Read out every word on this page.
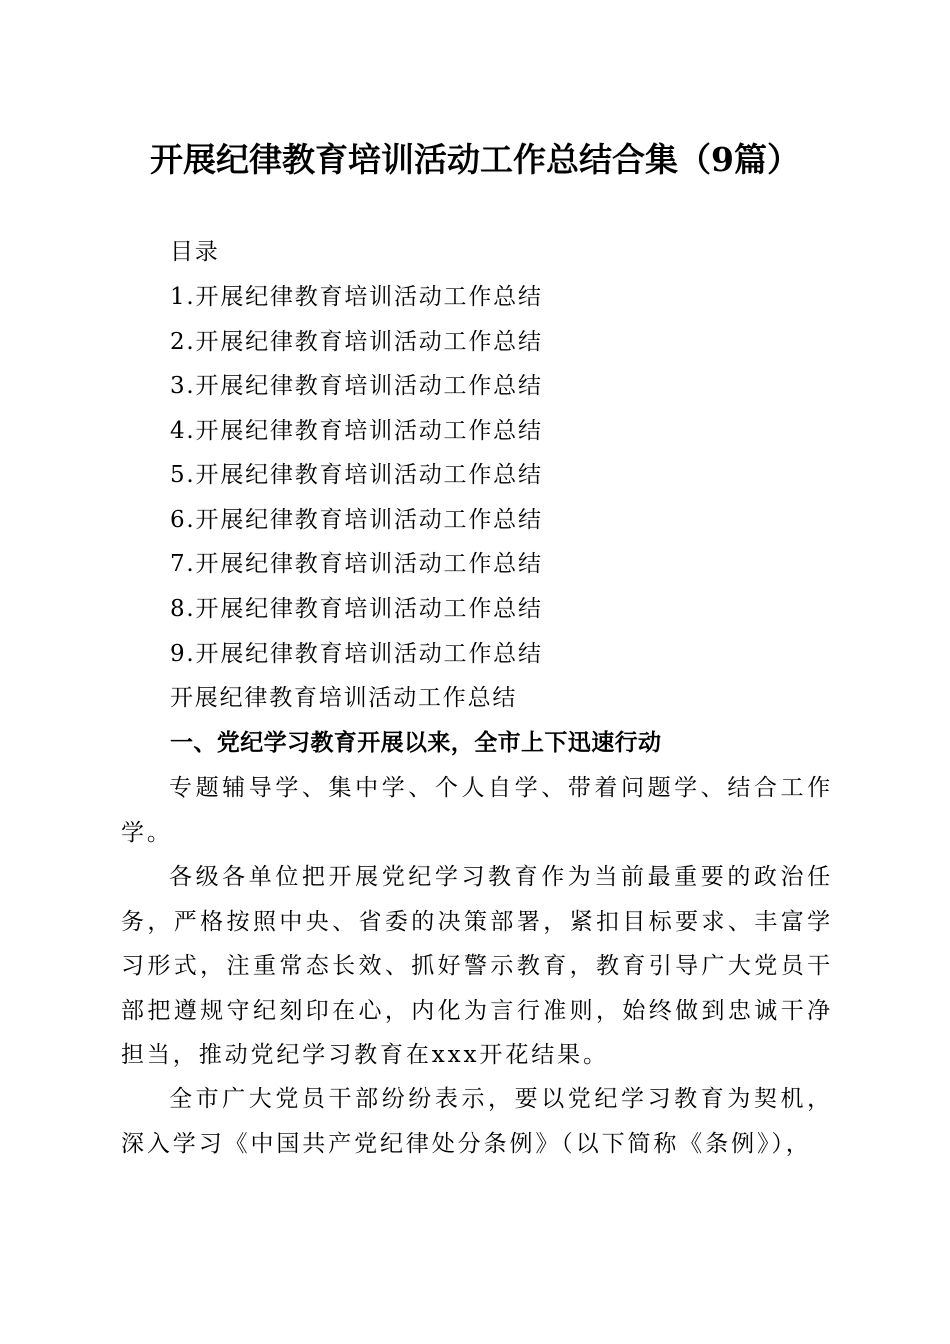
开展纪律教育培训活动工作总结合集（9篇）
目录
1.开展纪律教育培训活动工作总结
2.开展纪律教育培训活动工作总结
3.开展纪律教育培训活动工作总结
4.开展纪律教育培训活动工作总结
5.开展纪律教育培训活动工作总结
6.开展纪律教育培训活动工作总结
7.开展纪律教育培训活动工作总结
8.开展纪律教育培训活动工作总结
9.开展纪律教育培训活动工作总结
开展纪律教育培训活动工作总结
一、党纪学习教育开展以来，全市上下迅速行动

专题辅导学、集中学、个人自学、带着问题学、结合工作学。

各级各单位把开展党纪学习教育作为当前最重要的政治任务，严格按照中央、省委的决策部署，紧扣目标要求、丰富学习形式，注重常态长效、抓好警示教育，教育引导广大党员干部把遵规守纪刻印在心，内化为言行准则，始终做到忠诚干净担当，推动党纪学习教育在xxx开花结果。

全市广大党员干部纷纷表示，要以党纪学习教育为契机，深入学习《中国共产党纪律处分条例》（以下简称《条例》），
